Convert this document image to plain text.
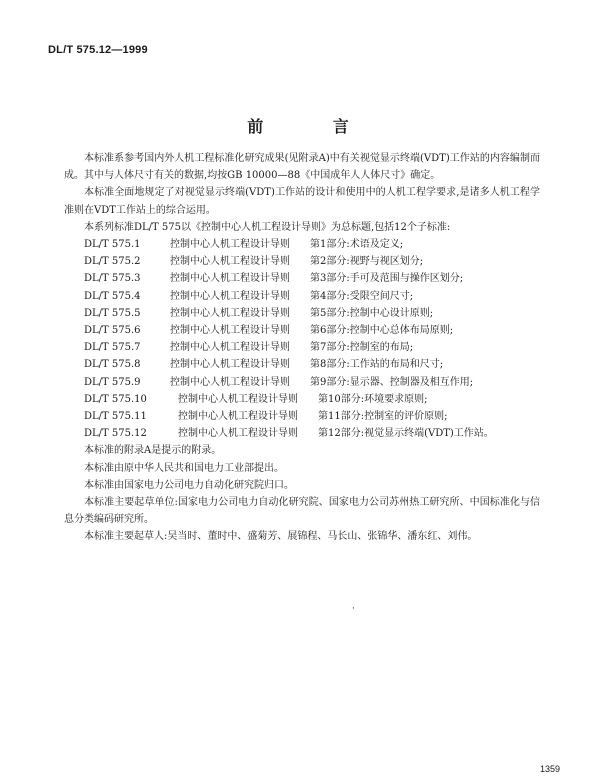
DL/T 575.12—1999
前 言

本标准系参考国内外人机工程标准化研究成果(见附录A)中有关视觉显示终端(VDT)工作站的内容编制而成。其中与人体尺寸有关的数据,均按GB 10000—88《中国成年人人体尺寸》确定。

本标准全面地规定了对视觉显示终端(VDT)工作站的设计和使用中的人机工程学要求,是诸多人机工程学准则在VDT工作站上的综合运用。

本系列标准DL/T 575以《控制中心人机工程设计导则》为总标题,包括12个子标准:

DL/T 575.1	控制中心人机工程设计导则	第1部分:术语及定义;
DL/T 575.2	控制中心人机工程设计导则	第2部分:视野与视区划分;
DL/T 575.3	控制中心人机工程设计导则	第3部分:手可及范围与操作区划分;
DL/T 575.4	控制中心人机工程设计导则	第4部分:受限空间尺寸;
DL/T 575.5	控制中心人机工程设计导则	第5部分:控制中心设计原则;
DL/T 575.6	控制中心人机工程设计导则	第6部分:控制中心总体布局原则;
DL/T 575.7	控制中心人机工程设计导则	第7部分:控制室的布局;
DL/T 575.8	控制中心人机工程设计导则	第8部分:工作站的布局和尺寸;
DL/T 575.9	控制中心人机工程设计导则	第9部分:显示器、控制器及相互作用;
DL/T 575.10	控制中心人机工程设计导则	第10部分:环境要求原则;
DL/T 575.11	控制中心人机工程设计导则	第11部分:控制室的评价原则;
DL/T 575.12	控制中心人机工程设计导则	第12部分:视觉显示终端(VDT)工作站。

本标准的附录A是提示的附录。

本标准由原中华人民共和国电力工业部提出。

本标准由国家电力公司电力自动化研究院归口。

本标准主要起草单位:国家电力公司电力自动化研究院、国家电力公司苏州热工研究所、中国标准化与信息分类编码研究所。

本标准主要起草人:吴当时、董时中、盛菊芳、展锦程、马长山、张锦华、潘东红、刘伟。

·
1359
